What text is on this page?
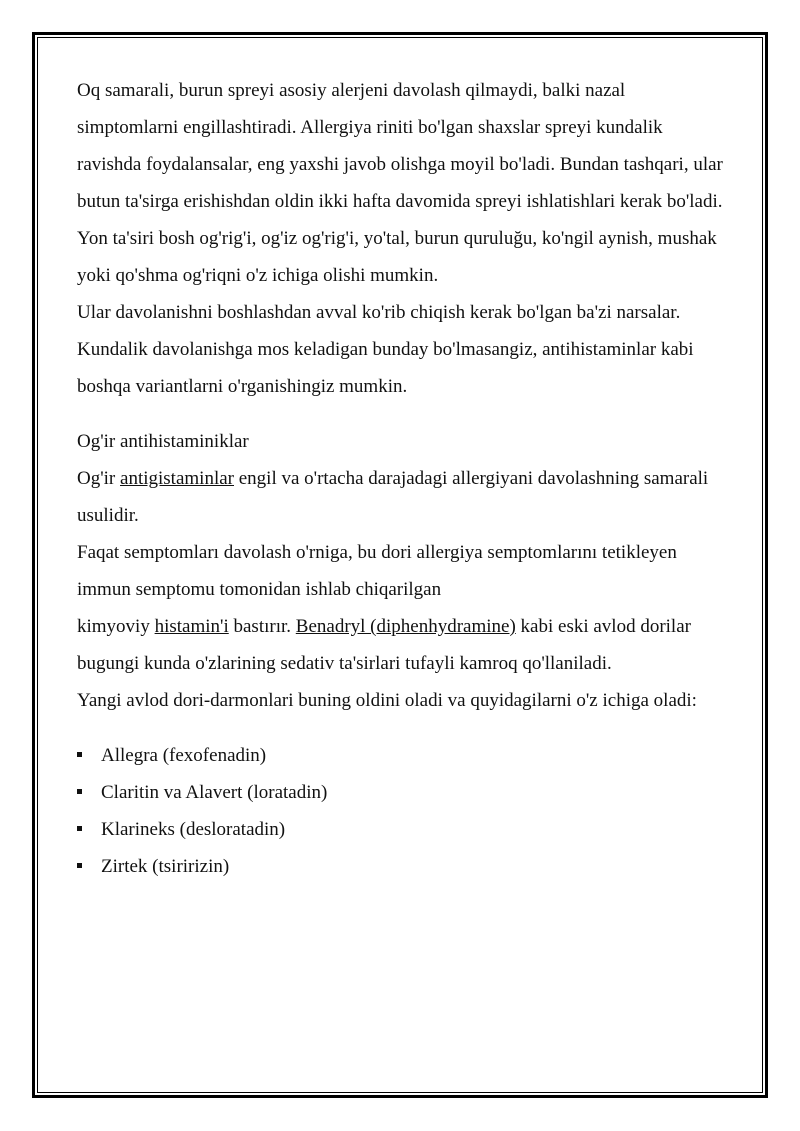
Oq samarali, burun spreyi asosiy alerjeni davolash qilmaydi, balki nazal simptomlarni engillashtiradi. Allergiya riniti bo'lgan shaxslar spreyi kundalik ravishda foydalansalar, eng yaxshi javob olishga moyil bo'ladi. Bundan tashqari, ular butun ta'sirga erishishdan oldin ikki hafta davomida spreyi ishlatishlari kerak bo'ladi.

Yon ta'siri bosh og'rig'i, og'iz og'rig'i, yo'tal, burun quruluğu, ko'ngil aynish, mushak yoki qo'shma og'riqni o'z ichiga olishi mumkin.

Ular davolanishni boshlashdan avval ko'rib chiqish kerak bo'lgan ba'zi narsalar. Kundalik davolanishga mos keladigan bunday bo'lmasangiz, antihistaminlar kabi boshqa variantlarni o'rganishingiz mumkin.

Og'ir antihistaminiklar

Og'ir antigistaminlar engil va o'rtacha darajadagi allergiyani davolashning samarali usulidir.

Faqat semptomları davolash o'rniga, bu dori allergiya semptomlarını tetikleyen immun semptomu tomonidan ishlab chiqarilgan
kimyoviy histamin'i bastırır. Benadryl (diphenhydramine) kabi eski avlod dorilar bugungi kunda o'zlarining sedativ ta'sirlari tufayli kamroq qo'llaniladi.

Yangi avlod dori-darmonlari buning oldini oladi va quyidagilarni o'z ichiga oladi:

Allegra (fexofenadin)
Claritin va Alavert (loratadin)
Klarineks (desloratadin)
Zirtek (tsiririzin)
